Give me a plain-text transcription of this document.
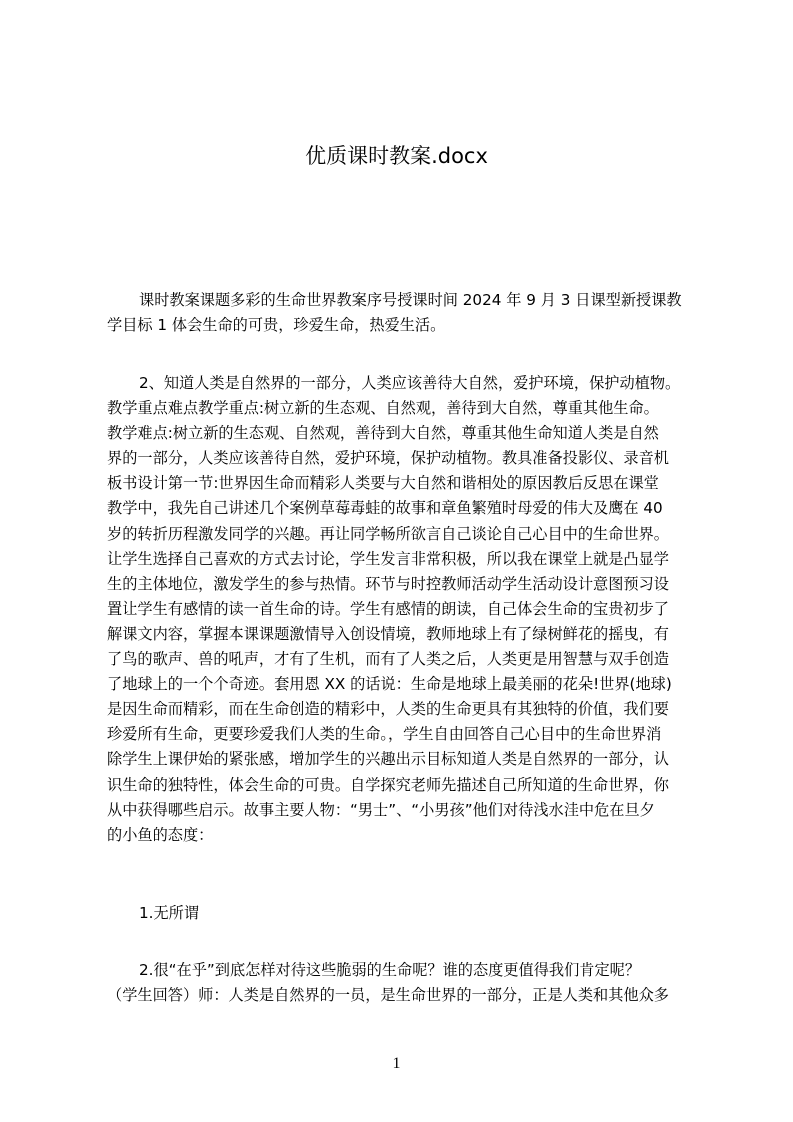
优质课时教案.docx
课时教案课题多彩的生命世界教案序号授课时间 2024 年 9 月 3 日课型新授课教
学目标 1 体会生命的可贵，珍爱生命，热爱生活。
2、知道人类是自然界的一部分，人类应该善待大自然，爱护环境，保护动植物。
教学重点难点教学重点:树立新的生态观、自然观，善待到大自然，尊重其他生命。
教学难点:树立新的生态观、自然观，善待到大自然，尊重其他生命知道人类是自然
界的一部分，人类应该善待自然，爱护环境，保护动植物。教具准备投影仪、录音机
板书设计第一节:世界因生命而精彩人类要与大自然和谐相处的原因教后反思在课堂
教学中，我先自己讲述几个案例草莓毒蛙的故事和章鱼繁殖时母爱的伟大及鹰在 40
岁的转折历程激发同学的兴趣。再让同学畅所欲言自己谈论自己心目中的生命世界。
让学生选择自己喜欢的方式去讨论，学生发言非常积极，所以我在课堂上就是凸显学
生的主体地位，激发学生的参与热情。环节与时控教师活动学生活动设计意图预习设
置让学生有感情的读一首生命的诗。学生有感情的朗读，自己体会生命的宝贵初步了
解课文内容，掌握本课课题激情导入创设情境，教师地球上有了绿树鲜花的摇曳，有
了鸟的歌声、兽的吼声，才有了生机，而有了人类之后，人类更是用智慧与双手创造
了地球上的一个个奇迹。套用恩 XX 的话说：生命是地球上最美丽的花朵!世界(地球)
是因生命而精彩，而在生命创造的精彩中，人类的生命更具有其独特的价值，我们要
珍爱所有生命，更要珍爱我们人类的生命。，学生自由回答自己心目中的生命世界消
除学生上课伊始的紧张感，增加学生的兴趣出示目标知道人类是自然界的一部分，认
识生命的独特性，体会生命的可贵。自学探究老师先描述自己所知道的生命世界，你
从中获得哪些启示。故事主要人物：“男士”、“小男孩”他们对待浅水洼中危在旦夕
的小鱼的态度：
1.无所谓
2.很“在乎”到底怎样对待这些脆弱的生命呢？谁的态度更值得我们肯定呢？
（学生回答）师：人类是自然界的一员，是生命世界的一部分，正是人类和其他众多
1
